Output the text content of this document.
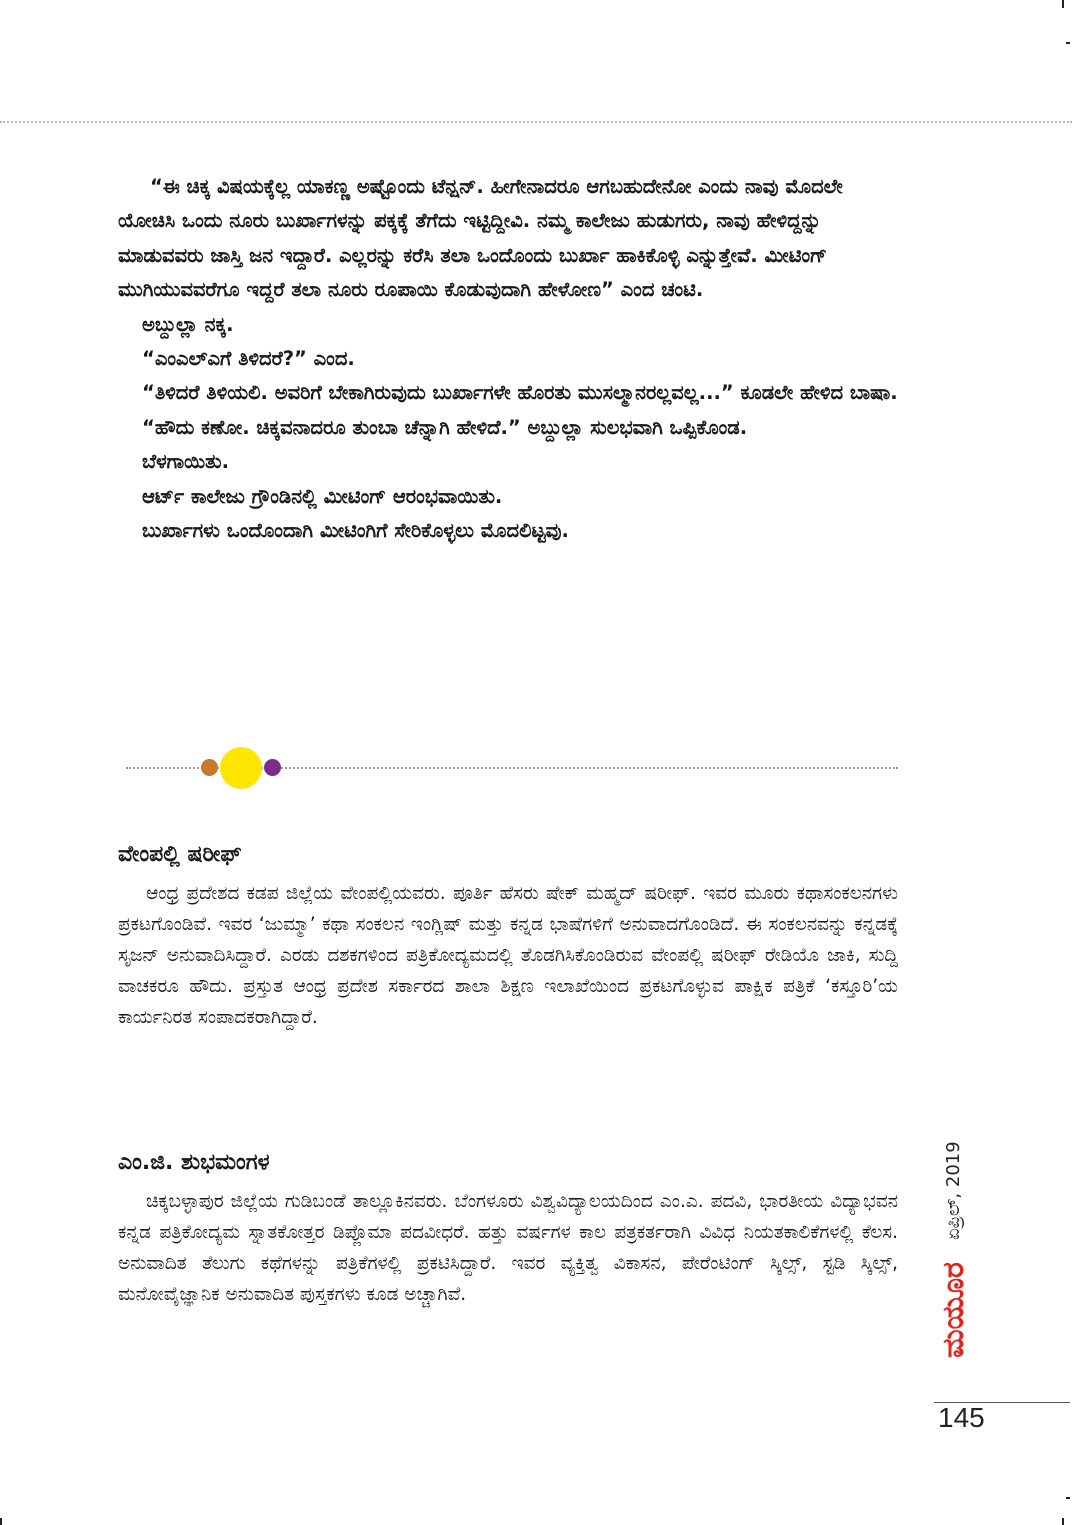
“ಈ ಚಿಕ್ಕ ವಿಷಯಕ್ಕೆಲ್ಲ ಯಾಕಣ್ಣ ಅಷ್ಟೊಂದು ಟೆನ್ಷನ್. ಹೀಗೇನಾದರೂ ಆಗಬಹುದೇನೋ ಎಂದು ನಾವು ಮೊದಲೇ ಯೋಚಿಸಿ ಒಂದು ನೂರು ಬುರ್ಖಾಗಳನ್ನು ಪಕ್ಕಕ್ಕೆ ತೆಗೆದು ಇಟ್ಟಿದ್ದೀವಿ. ನಮ್ಮ ಕಾಲೇಜು ಹುಡುಗರು, ನಾವು ಹೇಳಿದ್ದನ್ನು ಮಾಡುವವರು ಜಾಸ್ತಿ ಜನ ಇದ್ದಾರೆ. ಎಲ್ಲರನ್ನು ಕರೆಸಿ ತಲಾ ಒಂದೊಂದು ಬುರ್ಖಾ ಹಾಕಿಕೊಳ್ಳಿ ಎನ್ನುತ್ತೇವೆ. ಮೀಟಿಂಗ್ ಮುಗಿಯುವವರೆಗೂ ಇದ್ದರೆ ತಲಾ ನೂರು ರೂಪಾಯಿ ಕೊಡುವುದಾಗಿ ಹೇಳೋಣ” ಎಂದ ಚಂಟಿ.

ಅಬ್ದುಲ್ಲಾ ನಕ್ಕ.

“ಎಂಎಲ್‌ಎಗೆ ತಿಳಿದರೆ?” ಎಂದ.

“ತಿಳಿದರೆ ತಿಳಿಯಲಿ. ಅವರಿಗೆ ಬೇಕಾಗಿರುವುದು ಬುರ್ಖಾಗಳೇ ಹೊರತು ಮುಸಲ್ಮಾನರಲ್ಲವಲ್ಲ...” ಕೂಡಲೇ ಹೇಳಿದ ಬಾಷಾ.

“ಹೌದು ಕಣೋ. ಚಿಕ್ಕವನಾದರೂ ತುಂಬಾ ಚೆನ್ನಾಗಿ ಹೇಳಿದೆ.” ಅಬ್ದುಲ್ಲಾ ಸುಲಭವಾಗಿ ಒಪ್ಪಿಕೊಂಡ.

ಬೆಳಗಾಯಿತು.

ಆರ್ಟ್ ಕಾಲೇಜು ಗ್ರೌಂಡಿನಲ್ಲಿ ಮೀಟಿಂಗ್ ಆರಂಭವಾಯಿತು.

ಬುರ್ಖಾಗಳು ಒಂದೊಂದಾಗಿ ಮೀಟಿಂಗಿಗೆ ಸೇರಿಕೊಳ್ಳಲು ಮೊದಲಿಟ್ಟವು.

ವೇಂಪಲ್ಲಿ ಷರೀಫ್

ಆಂಧ್ರ ಪ್ರದೇಶದ ಕಡಪ ಜಿಲ್ಲೆಯ ವೇಂಪಲ್ಲಿಯವರು. ಪೂರ್ತಿ ಹೆಸರು ಷೇಕ್ ಮಹ್ಮದ್ ಷರೀಫ್. ಇವರ ಮೂರು ಕಥಾಸಂಕಲನಗಳು ಪ್ರಕಟಗೊಂಡಿವೆ. ಇವರ ‘ಜುಮ್ಮಾ’ ಕಥಾ ಸಂಕಲನ ಇಂಗ್ಲಿಷ್ ಮತ್ತು ಕನ್ನಡ ಭಾಷೆಗಳಿಗೆ ಅನುವಾದಗೊಂಡಿದೆ. ಈ ಸಂಕಲನವನ್ನು ಕನ್ನಡಕ್ಕೆ ಸೃಜನ್ ಅನುವಾದಿಸಿದ್ದಾರೆ. ಎರಡು ದಶಕಗಳಿಂದ ಪತ್ರಿಕೋದ್ಯಮದಲ್ಲಿ ತೊಡಗಿಸಿಕೊಂಡಿರುವ ವೇಂಪಲ್ಲಿ ಷರೀಫ್ ರೇಡಿಯೊ ಜಾಕಿ, ಸುದ್ದಿ ವಾಚಕರೂ ಹೌದು. ಪ್ರಸ್ತುತ ಆಂಧ್ರ ಪ್ರದೇಶ ಸರ್ಕಾರದ ಶಾಲಾ ಶಿಕ್ಷಣ ಇಲಾಖೆಯಿಂದ ಪ್ರಕಟಗೊಳ್ಳುವ ಪಾಕ್ಷಿಕ ಪತ್ರಿಕೆ ‘ಕಸ್ತೂರಿ’ಯ ಕಾರ್ಯನಿರತ ಸಂಪಾದಕರಾಗಿದ್ದಾರೆ.

ಎಂ.ಜಿ. ಶುಭಮಂಗಳ

ಚಿಕ್ಕಬಳ್ಳಾಪುರ ಜಿಲ್ಲೆಯ ಗುಡಿಬಂಡೆ ತಾಲ್ಲೂಕಿನವರು. ಬೆಂಗಳೂರು ವಿಶ್ವವಿದ್ಯಾಲಯದಿಂದ ಎಂ.ಎ. ಪದವಿ, ಭಾರತೀಯ ವಿದ್ಯಾಭವನ ಕನ್ನಡ ಪತ್ರಿಕೋದ್ಯಮ ಸ್ನಾತಕೋತ್ತರ ಡಿಪ್ಲೊಮಾ ಪದವೀಧರೆ. ಹತ್ತು ವರ್ಷಗಳ ಕಾಲ ಪತ್ರಕರ್ತರಾಗಿ ವಿವಿಧ ನಿಯತಕಾಲಿಕೆಗಳಲ್ಲಿ ಕೆಲಸ. ಅನುವಾದಿತ ತೆಲುಗು ಕಥೆಗಳನ್ನು ಪತ್ರಿಕೆಗಳಲ್ಲಿ ಪ್ರಕಟಿಸಿದ್ದಾರೆ. ಇವರ ವ್ಯಕ್ತಿತ್ವ ವಿಕಾಸನ, ಪೇರೆಂಟಿಂಗ್ ಸ್ಕಿಲ್ಸ್, ಸ್ಟಡಿ ಸ್ಕಿಲ್ಸ್, ಮನೋವೈಜ್ಞಾನಿಕ ಅನುವಾದಿತ ಪುಸ್ತಕಗಳು ಕೂಡ ಅಚ್ಚಾಗಿವೆ.

ಏಪ್ರಿಲ್, 2019
ಮಯೂರ
145
